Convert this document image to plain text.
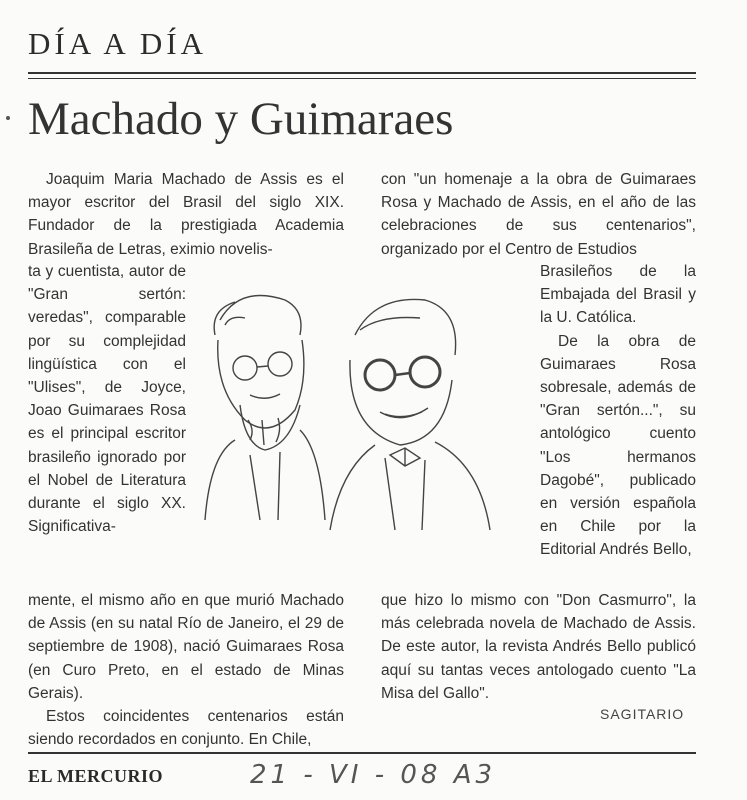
DÍA A DÍA
Machado y Guimaraes

Joaquim Maria Machado de Assis es el mayor escritor del Brasil del siglo XIX. Fundador de la prestigiada Academia Brasileña de Letras, eximio novelis-

ta y cuentista, autor de "Gran sertón: veredas", comparable por su complejidad lingüística con el "Ulises", de Joyce, Joao Guimaraes Rosa es el principal escritor brasileño ignorado por el Nobel de Literatura durante el siglo XX. Significativa-

mente, el mismo año en que murió Machado de Assis (en su natal Río de Janeiro, el 29 de septiembre de 1908), nació Guimaraes Rosa (en Curo Preto, en el estado de Minas Gerais).

Estos coincidentes centenarios están siendo recordados en conjunto. En Chile,

con "un homenaje a la obra de Guimaraes Rosa y Machado de Assis, en el año de las celebraciones de sus centenarios", organizado por el Centro de Estudios

Brasileños de la Embajada del Brasil y la U. Católica.

De la obra de Guimaraes Rosa sobresale, además de "Gran sertón...", su antológico cuento "Los hermanos Dagobé", publicado en versión española en Chile por la Editorial Andrés Bello,

que hizo lo mismo con "Don Casmurro", la más celebrada novela de Machado de Assis. De este autor, la revista Andrés Bello publicó aquí su tantas veces antologado cuento "La Misa del Gallo".

SAGITARIO
EL MERCURIO	21 - VI - 08 A3
